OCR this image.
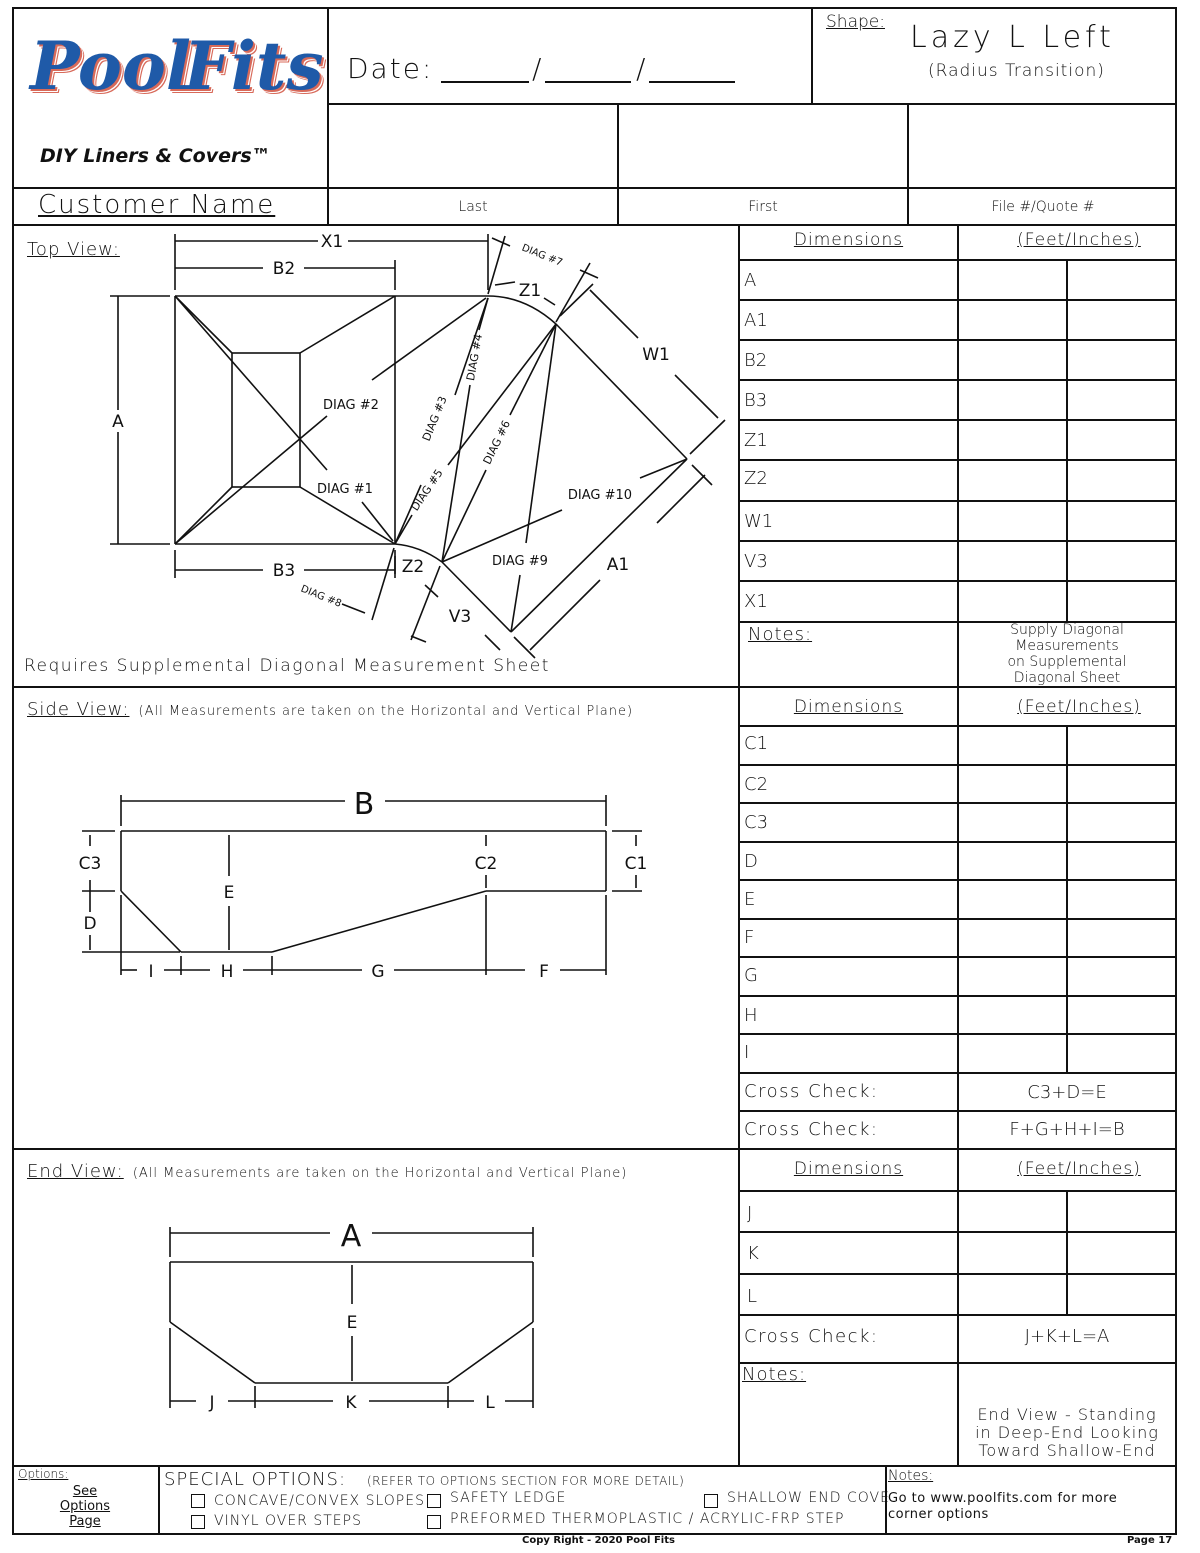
Pool
Fits
DIY Liners & Covers™
Date:	/	/
Shape: Lazy L Left
(Radius Transition)
Customer Name	Last	First	File #/Quote #
Top View:
Requires Supplemental Diagonal Measurement Sheet
X1
B2
A
B3
W1
A1
V3
Z1
Z2
DIAG #2
DIAG #1	DIAG #10
DIAG #9
DIAG #3
DIAG #4
DIAG #5
DIAG #6
DIAG #7
DIAG #8
Dimensions	(Feet/Inches)
A
A1
B2
B3
Z1
Z2
W1
V3
X1
Notes:	Supply Diagonal
Measurements
on Supplemental
Diagonal Sheet
Side View: (All Measurements are taken on the Horizontal and Vertical Plane)
B
C3
D
E
C2	C1
I	H	G	F
Dimensions	(Feet/Inches)
C1
C2
C3
D
E
F
G
H
I
Cross Check:	C3+D=E
Cross Check:	F+G+H+I=B
End View: (All Measurements are taken on the Horizontal and Vertical Plane)
A
E
J	K	L
Dimensions	(Feet/Inches)
J
K
L
Cross Check:	J+K+L=A
Notes:
End View - Standing
in Deep-End Looking
Toward Shallow-End
Options:
See
Options
Page
SPECIAL OPTIONS: (REFER TO OPTIONS SECTION FOR MORE DETAIL)
CONCAVE/CONVEX SLOPES SAFETY LEDGE	SHALLOW END COVE
VINYL OVER STEPS	PREFORMED THERMOPLASTIC / ACRYLIC-FRP STEP
Notes:
Go to www.poolfits.com for more
corner options
Copy Right - 2020 Pool Fits	Page 17
